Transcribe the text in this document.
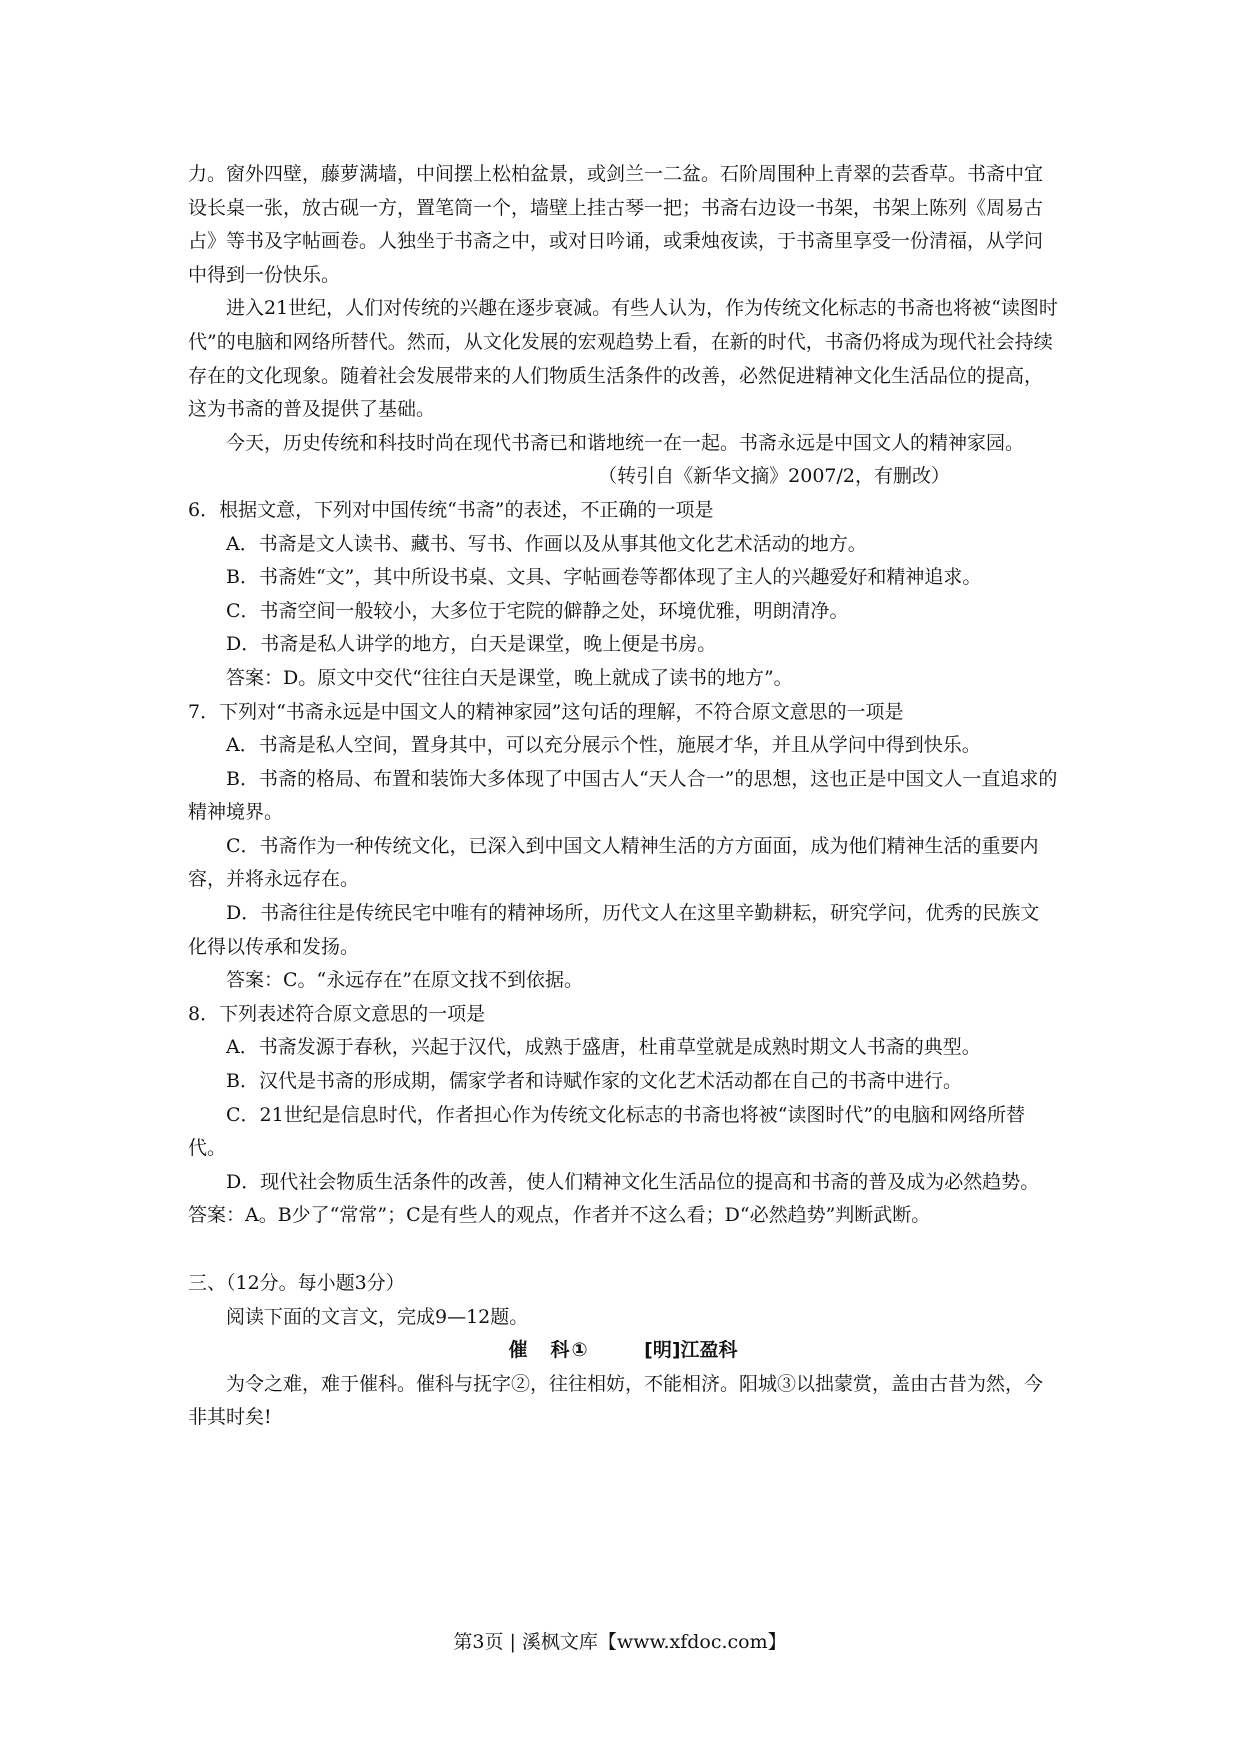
力。窗外四壁，藤萝满墙，中间摆上松柏盆景，或剑兰一二盆。石阶周围种上青翠的芸香草。书斋中宜设长桌一张，放古砚一方，置笔筒一个，墙壁上挂古琴一把；书斋右边设一书架，书架上陈列《周易古占》等书及字帖画卷。人独坐于书斋之中，或对日吟诵，或秉烛夜读，于书斋里享受一份清福，从学问中得到一份快乐。

进入21世纪，人们对传统的兴趣在逐步衰减。有些人认为，作为传统文化标志的书斋也将被“读图时代”的电脑和网络所替代。然而，从文化发展的宏观趋势上看，在新的时代，书斋仍将成为现代社会持续存在的文化现象。随着社会发展带来的人们物质生活条件的改善，必然促进精神文化生活品位的提高，这为书斋的普及提供了基础。

今天，历史传统和科技时尚在现代书斋已和谐地统一在一起。书斋永远是中国文人的精神家园。

（转引自《新华文摘》2007/2，有删改）

6．根据文意，下列对中国传统“书斋”的表述，不正确的一项是

A．书斋是文人读书、藏书、写书、作画以及从事其他文化艺术活动的地方。

B．书斋姓“文”，其中所设书桌、文具、字帖画卷等都体现了主人的兴趣爱好和精神追求。

C．书斋空间一般较小，大多位于宅院的僻静之处，环境优雅，明朗清净。

D．书斋是私人讲学的地方，白天是课堂，晚上便是书房。

答案：D。原文中交代“往往白天是课堂，晚上就成了读书的地方”。

7．下列对“书斋永远是中国文人的精神家园”这句话的理解，不符合原文意思的一项是

A．书斋是私人空间，置身其中，可以充分展示个性，施展才华，并且从学问中得到快乐。

B．书斋的格局、布置和装饰大多体现了中国古人“天人合一”的思想，这也正是中国文人一直追求的精神境界。

C．书斋作为一种传统文化，已深入到中国文人精神生活的方方面面，成为他们精神生活的重要内容，并将永远存在。

D．书斋往往是传统民宅中唯有的精神场所，历代文人在这里辛勤耕耘，研究学问，优秀的民族文化得以传承和发扬。

答案：C。“永远存在”在原文找不到依据。

8．下列表述符合原文意思的一项是

A．书斋发源于春秋，兴起于汉代，成熟于盛唐，杜甫草堂就是成熟时期文人书斋的典型。

B．汉代是书斋的形成期，儒家学者和诗赋作家的文化艺术活动都在自己的书斋中进行。

C．21世纪是信息时代，作者担心作为传统文化标志的书斋也将被“读图时代”的电脑和网络所替代。

D．现代社会物质生活条件的改善，使人们精神文化生活品位的提高和书斋的普及成为必然趋势。

答案：A。B少了“常常”；C是有些人的观点，作者并不这么看；D“必然趋势”判断武断。

三、（12分。每小题3分）

阅读下面的文言文，完成9—12题。

催　科①	[明]江盈科

为令之难，难于催科。催科与抚字②，往往相妨，不能相济。阳城③以拙蒙赏，盖由古昔为然，今非其时矣!

第3页 | 溪枫文库【www.xfdoc.com】
